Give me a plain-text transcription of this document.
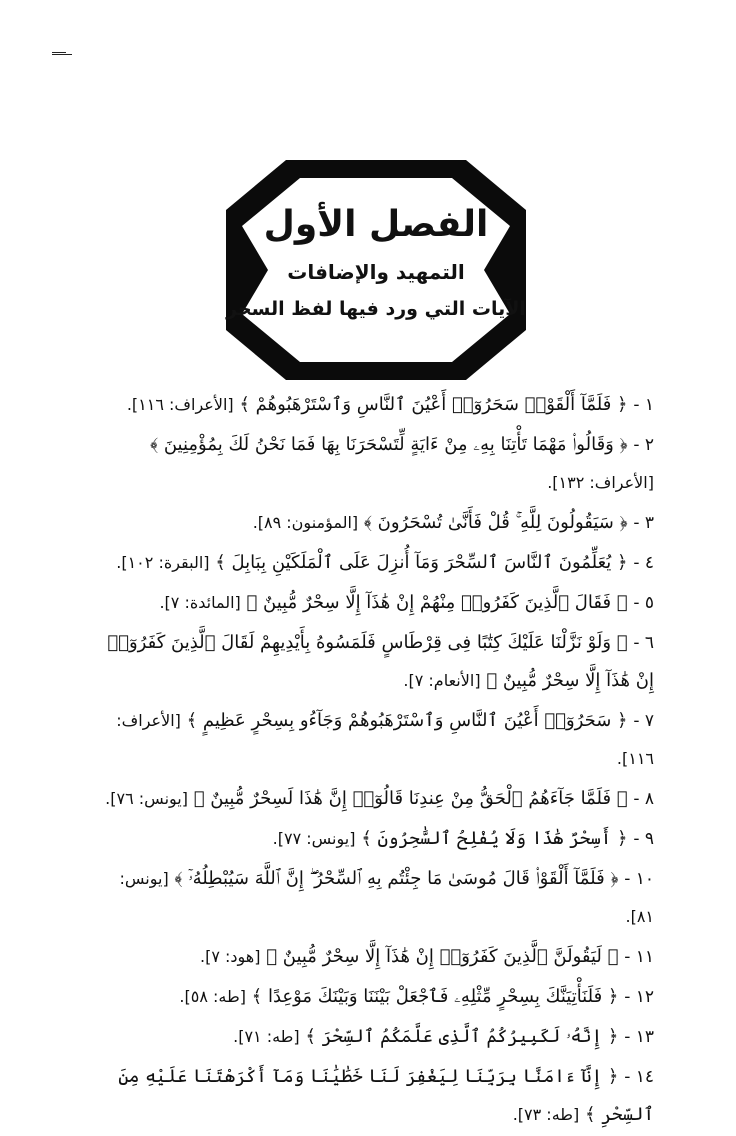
الفصل الأول
التمهيد والإضافات
الآيات التي ورد فيها لفظ السحر
١ - ﴿ فَلَمَّآ أَلْقَوْا۟ سَحَرُوٓا۟ أَعْيُنَ ٱلنَّاسِ وَٱسْتَرْهَبُوهُمْ ﴾ [الأعراف: ١١٦].
٢ - ﴿ وَقَالُوا۟ مَهْمَا تَأْتِنَا بِهِۦ مِنْ ءَايَةٍ لِّتَسْحَرَنَا بِهَا فَمَا نَحْنُ لَكَ بِمُؤْمِنِينَ ﴾ [الأعراف: ١٣٢].
٣ - ﴿ سَيَقُولُونَ لِلَّهِ ۚ قُلْ فَأَنَّىٰ تُسْحَرُونَ ﴾ [المؤمنون: ٨٩].
٤ - ﴿ يُعَلِّمُونَ ٱلنَّاسَ ٱلسِّحْرَ وَمَآ أُنزِلَ عَلَى ٱلْمَلَكَيْنِ بِبَابِلَ ﴾ [البقرة: ١٠٢].
٥ - ﴿ فَقَالَ ٱلَّذِينَ كَفَرُوا۟ مِنْهُمْ إِنْ هَٰذَآ إِلَّا سِحْرٌ مُّبِينٌ ﴾ [المائدة: ٧].
٦ - ﴿ وَلَوْ نَزَّلْنَا عَلَيْكَ كِتَٰبًا فِى قِرْطَاسٍ فَلَمَسُوهُ بِأَيْدِيهِمْ لَقَالَ ٱلَّذِينَ كَفَرُوٓا۟ إِنْ هَٰذَآ إِلَّا سِحْرٌ مُّبِينٌ ﴾ [الأنعام: ٧].
٧ - ﴿ سَحَرُوٓا۟ أَعْيُنَ ٱلنَّاسِ وَٱسْتَرْهَبُوهُمْ وَجَآءُو بِسِحْرٍ عَظِيمٍ ﴾ [الأعراف: ١١٦].
٨ - ﴿ فَلَمَّا جَآءَهُمُ ٱلْحَقُّ مِنْ عِندِنَا قَالُوٓا۟ إِنَّ هَٰذَا لَسِحْرٌ مُّبِينٌ ﴾ [يونس: ٧٦].
٩ - ﴿ أَسِحْرٌ هَٰذَا وَلَا يُفْلِحُ ٱلسَّٰحِرُونَ ﴾ [يونس: ٧٧].
١٠ - ﴿ فَلَمَّآ أَلْقَوْا۟ قَالَ مُوسَىٰ مَا جِئْتُم بِهِ ٱلسِّحْرُ ۖ إِنَّ ٱللَّهَ سَيُبْطِلُهُۥٓ ﴾ [يونس: ٨١].
١١ - ﴿ لَيَقُولَنَّ ٱلَّذِينَ كَفَرُوٓا۟ إِنْ هَٰذَآ إِلَّا سِحْرٌ مُّبِينٌ ﴾ [هود: ٧].
١٢ - ﴿ فَلَنَأْتِيَنَّكَ بِسِحْرٍ مِّثْلِهِۦ فَٱجْعَلْ بَيْنَنَا وَبَيْنَكَ مَوْعِدًا ﴾ [طه: ٥٨].
١٣ - ﴿ إِنَّهُۥ لَكَبِيرُكُمُ ٱلَّذِى عَلَّمَكُمُ ٱلسِّحْرَ ﴾ [طه: ٧١].
١٤ - ﴿ إِنَّآ ءَامَنَّا بِرَبِّنَا لِيَغْفِرَ لَنَا خَطَٰيَٰنَا وَمَآ أَكْرَهْتَنَا عَلَيْهِ مِنَ ٱلسِّحْرِ ﴾ [طه: ٧٣].
